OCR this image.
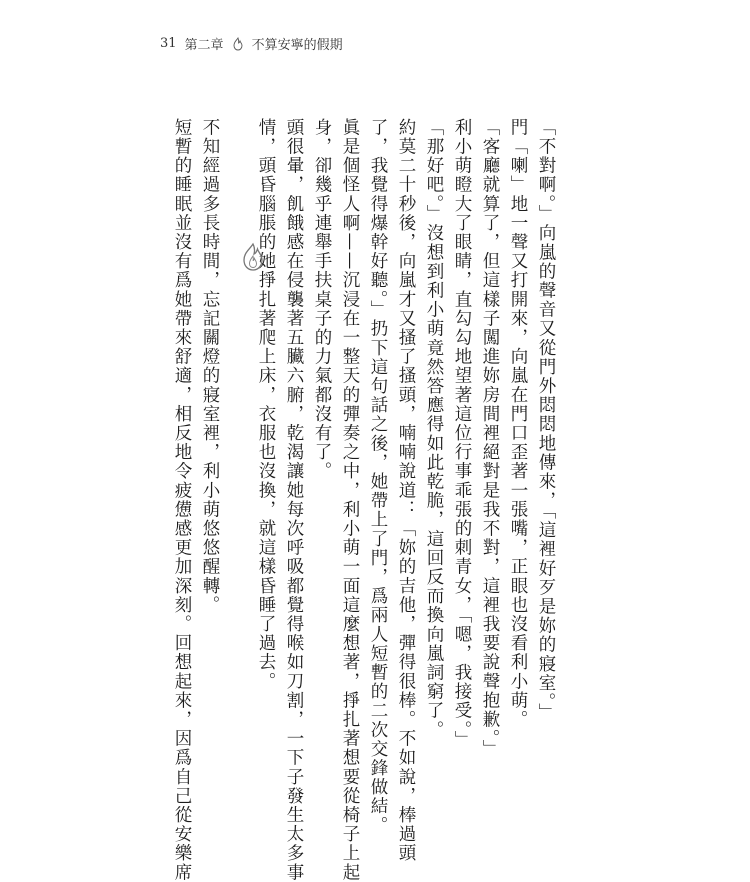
31 第二章 不算安寧的假期
「不對啊。」向嵐的聲音又從門外悶悶地傳來，「這裡好歹是妳的寢室。」
門「喇」地一聲又打開來，向嵐在門口歪著一張嘴，正眼也沒看利小萌。
「客廳就算了，但這樣子闖進妳房間裡絕對是我不對，這裡我要說聲抱歉。」
利小萌瞪大了眼睛，直勾勾地望著這位行事乖張的刺青女，「嗯，我接受。」
「那好吧。」沒想到利小萌竟然答應得如此乾脆，這回反而換向嵐詞窮了。
約莫二十秒後，向嵐才又搔了搔頭，喃喃說道：「妳的吉他，彈得很棒。不如說，棒過頭
了，我覺得爆幹好聽。」扔下這句話之後，她帶上了門，爲兩人短暫的二次交鋒做結。
眞是個怪人啊——沉浸在一整天的彈奏之中，利小萌一面這麼想著，掙扎著想要從椅子上起
身，卻幾乎連舉手扶桌子的力氣都沒有了。
頭很暈，飢餓感在侵襲著五臟六腑，乾渴讓她每次呼吸都覺得喉如刀割，一下子發生太多事
情，頭昏腦脹的她掙扎著爬上床，衣服也沒換，就這樣昏睡了過去。
不知經過多長時間，忘記關燈的寢室裡，利小萌悠悠醒轉。
短暫的睡眠並沒有爲她帶來舒適，相反地令疲憊感更加深刻。回想起來，因爲自己從安樂席
